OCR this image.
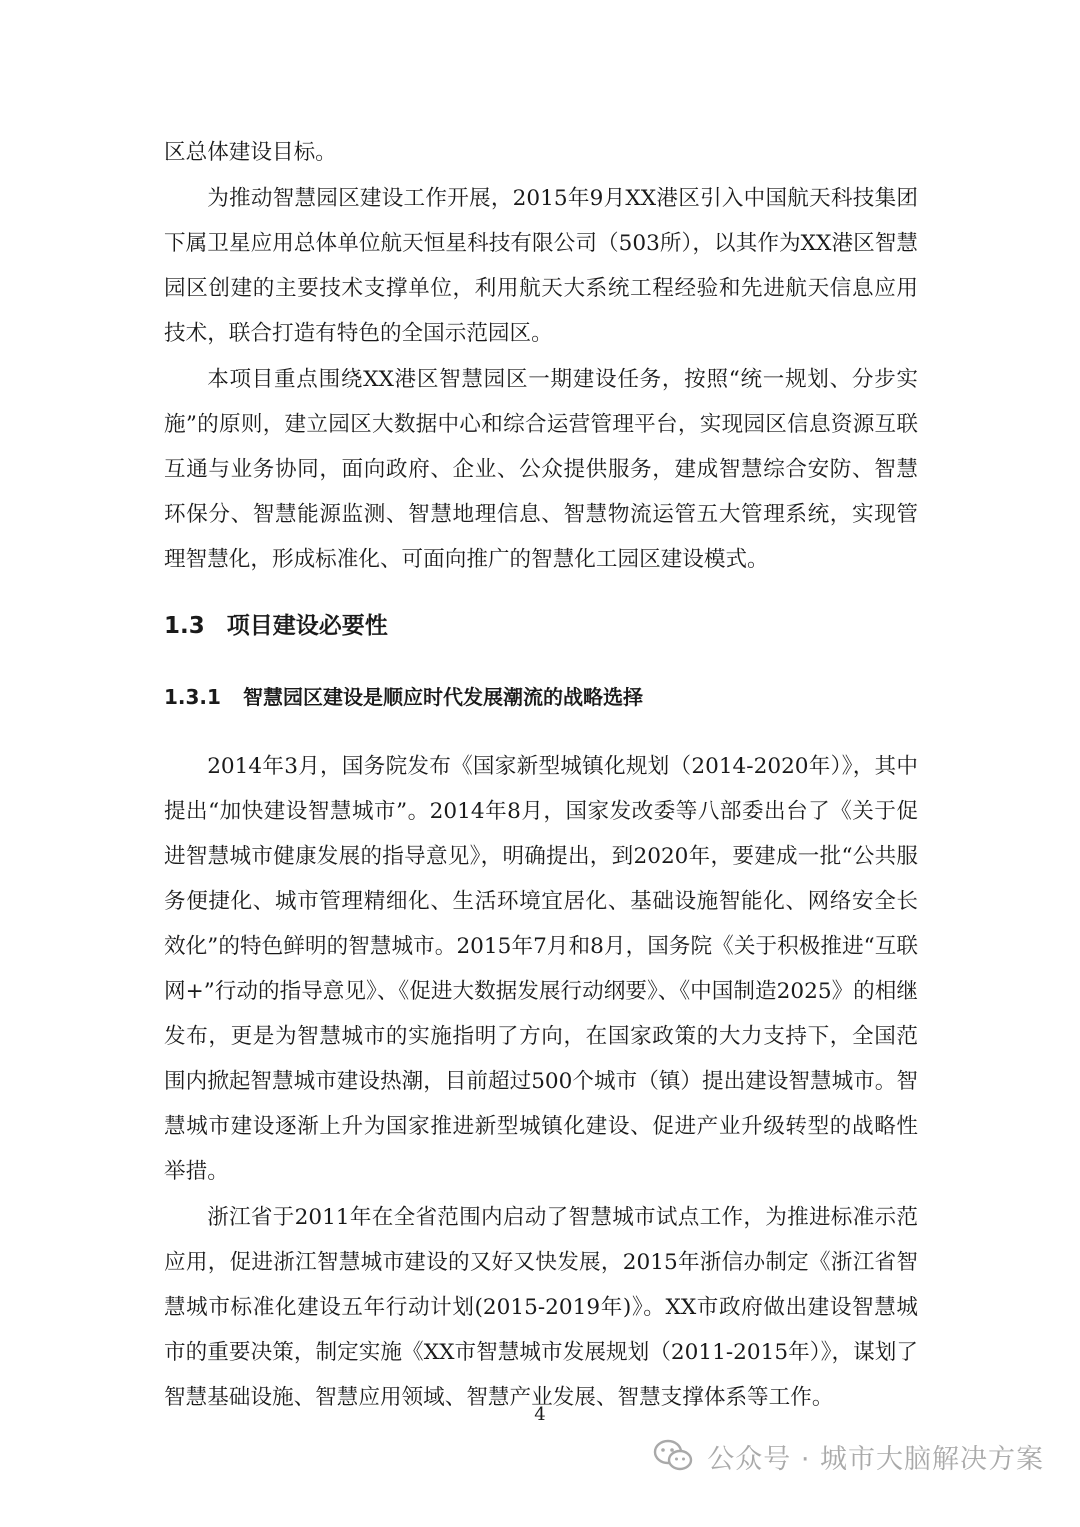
区总体建设目标。

为推动智慧园区建设工作开展，2015年9月XX港区引入中国航天科技集团下属卫星应用总体单位航天恒星科技有限公司（503所），以其作为XX港区智慧园区创建的主要技术支撑单位，利用航天大系统工程经验和先进航天信息应用技术，联合打造有特色的全国示范园区。

本项目重点围绕XX港区智慧园区一期建设任务，按照“统一规划、分步实施”的原则，建立园区大数据中心和综合运营管理平台，实现园区信息资源互联互通与业务协同，面向政府、企业、公众提供服务，建成智慧综合安防、智慧环保分、智慧能源监测、智慧地理信息、智慧物流运管五大管理系统，实现管理智慧化，形成标准化、可面向推广的智慧化工园区建设模式。

1.3 项目建设必要性
1.3.1 智慧园区建设是顺应时代发展潮流的战略选择

2014年3月，国务院发布《国家新型城镇化规划（2014-2020年）》，其中提出“加快建设智慧城市”。2014年8月，国家发改委等八部委出台了《关于促进智慧城市健康发展的指导意见》，明确提出，到2020年，要建成一批“公共服务便捷化、城市管理精细化、生活环境宜居化、基础设施智能化、网络安全长效化”的特色鲜明的智慧城市。2015年7月和8月，国务院《关于积极推进“互联网+”行动的指导意见》、《促进大数据发展行动纲要》、《中国制造2025》的相继发布，更是为智慧城市的实施指明了方向，在国家政策的大力支持下，全国范围内掀起智慧城市建设热潮，目前超过500个城市（镇）提出建设智慧城市。智慧城市建设逐渐上升为国家推进新型城镇化建设、促进产业升级转型的战略性举措。

浙江省于2011年在全省范围内启动了智慧城市试点工作，为推进标准示范应用，促进浙江智慧城市建设的又好又快发展，2015年浙信办制定《浙江省智慧城市标准化建设五年行动计划(2015-2019年)》。XX市政府做出建设智慧城市的重要决策，制定实施《XX市智慧城市发展规划（2011-2015年）》，谋划了智慧基础设施、智慧应用领域、智慧产业发展、智慧支撑体系等工作。

4
公众号 · 城市大脑解决方案
